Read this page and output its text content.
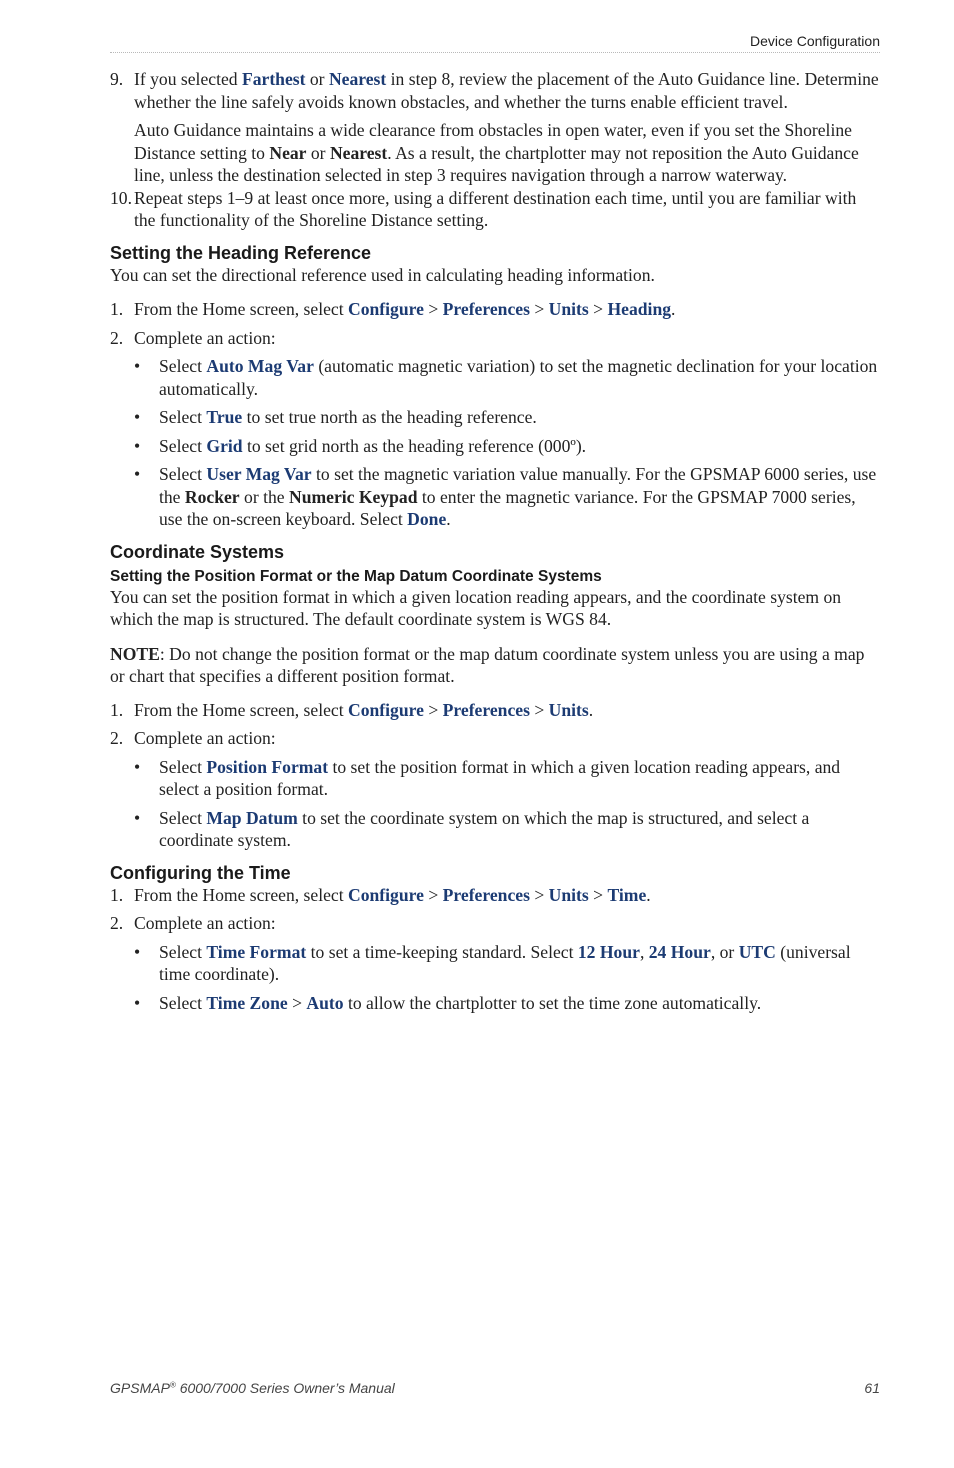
Device Configuration
9. If you selected Farthest or Nearest in step 8, review the placement of the Auto Guidance line. Determine whether the line safely avoids known obstacles, and whether the turns enable efficient travel.

Auto Guidance maintains a wide clearance from obstacles in open water, even if you set the Shoreline Distance setting to Near or Nearest. As a result, the chartplotter may not reposition the Auto Guidance line, unless the destination selected in step 3 requires navigation through a narrow waterway.

10. Repeat steps 1–9 at least once more, using a different destination each time, until you are familiar with the functionality of the Shoreline Distance setting.
Setting the Heading Reference

You can set the directional reference used in calculating heading information.

1. From the Home screen, select Configure > Preferences > Units > Heading.
2. Complete an action:
• Select Auto Mag Var (automatic magnetic variation) to set the magnetic declination for your location automatically.
• Select True to set true north as the heading reference.
• Select Grid to set grid north as the heading reference (000º).
• Select User Mag Var to set the magnetic variation value manually. For the GPSMAP 6000 series, use the Rocker or the Numeric Keypad to enter the magnetic variance. For the GPSMAP 7000 series, use the on-screen keyboard. Select Done.
Coordinate Systems
Setting the Position Format or the Map Datum Coordinate Systems

You can set the position format in which a given location reading appears, and the coordinate system on which the map is structured. The default coordinate system is WGS 84.

NOTE: Do not change the position format or the map datum coordinate system unless you are using a map or chart that specifies a different position format.

1. From the Home screen, select Configure > Preferences > Units.
2. Complete an action:
• Select Position Format to set the position format in which a given location reading appears, and select a position format.
• Select Map Datum to set the coordinate system on which the map is structured, and select a coordinate system.
Configuring the Time
1. From the Home screen, select Configure > Preferences > Units > Time.
2. Complete an action:
• Select Time Format to set a time-keeping standard. Select 12 Hour, 24 Hour, or UTC (universal time coordinate).
• Select Time Zone > Auto to allow the chartplotter to set the time zone automatically.
GPSMAP® 6000/7000 Series Owner’s Manual	61
